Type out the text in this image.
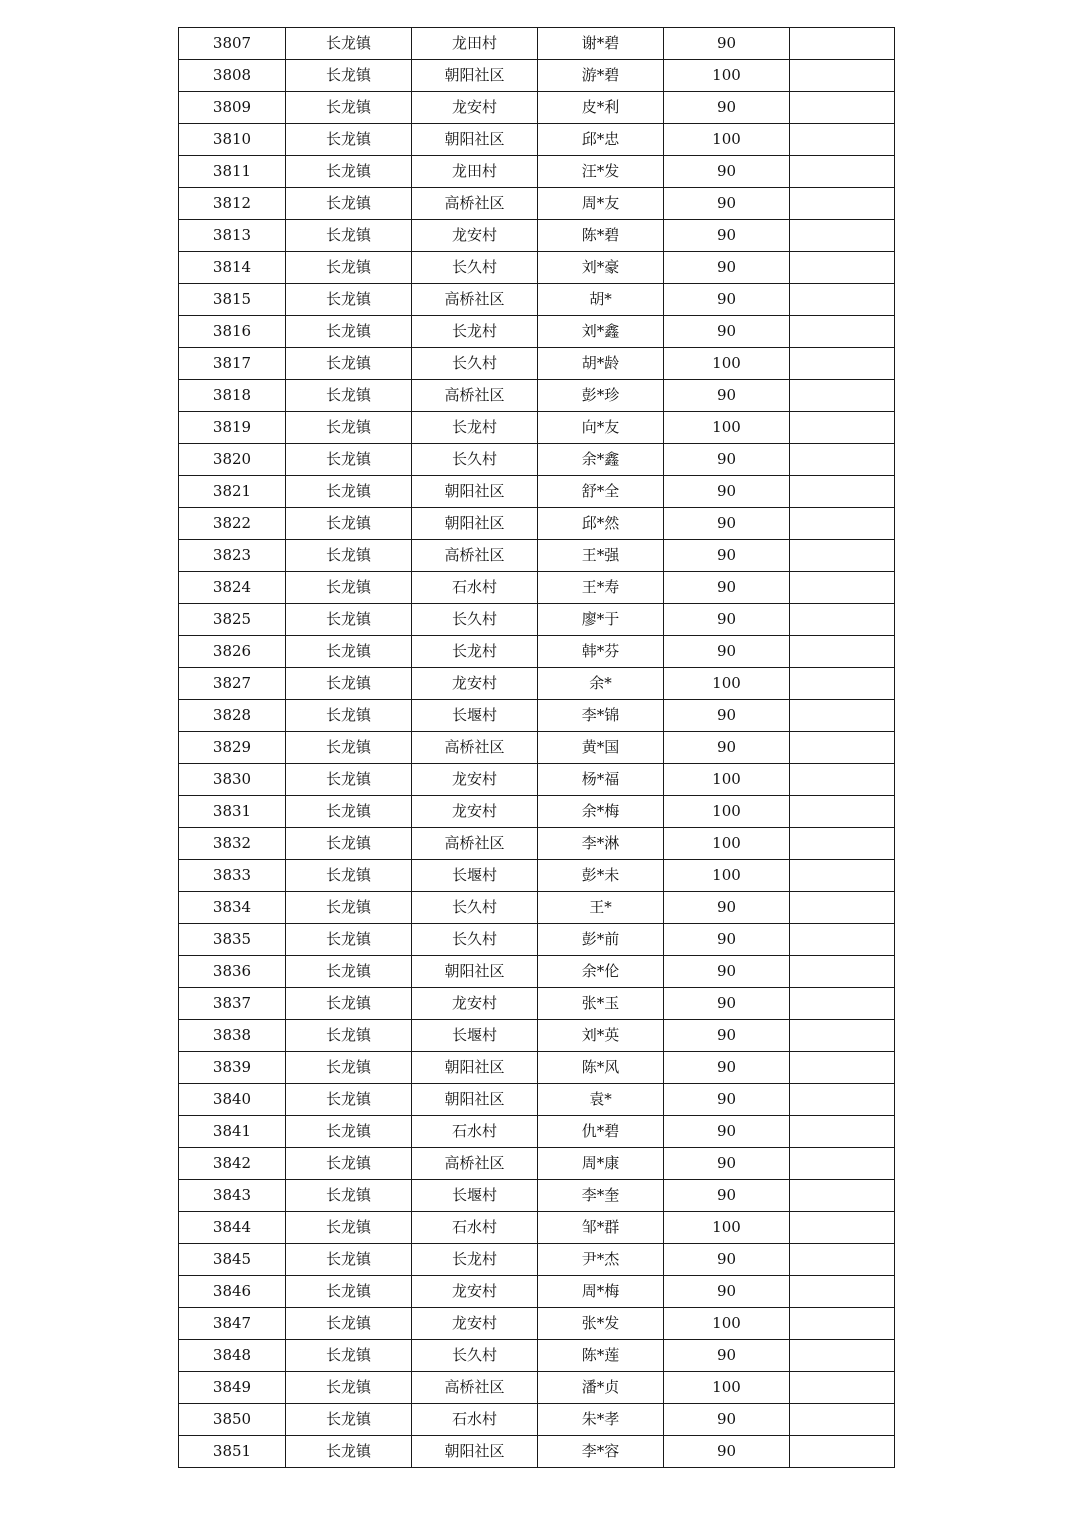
3807	长龙镇	龙田村	谢*碧	90	
3808	长龙镇	朝阳社区	游*碧	100	
3809	长龙镇	龙安村	皮*利	90	
3810	长龙镇	朝阳社区	邱*忠	100	
3811	长龙镇	龙田村	汪*发	90	
3812	长龙镇	高桥社区	周*友	90	
3813	长龙镇	龙安村	陈*碧	90	
3814	长龙镇	长久村	刘*豪	90	
3815	长龙镇	高桥社区	胡*	90	
3816	长龙镇	长龙村	刘*鑫	90	
3817	长龙镇	长久村	胡*龄	100	
3818	长龙镇	高桥社区	彭*珍	90	
3819	长龙镇	长龙村	向*友	100	
3820	长龙镇	长久村	余*鑫	90	
3821	长龙镇	朝阳社区	舒*全	90	
3822	长龙镇	朝阳社区	邱*然	90	
3823	长龙镇	高桥社区	王*强	90	
3824	长龙镇	石水村	王*寿	90	
3825	长龙镇	长久村	廖*于	90	
3826	长龙镇	长龙村	韩*芬	90	
3827	长龙镇	龙安村	余*	100	
3828	长龙镇	长堰村	李*锦	90	
3829	长龙镇	高桥社区	黄*国	90	
3830	长龙镇	龙安村	杨*福	100	
3831	长龙镇	龙安村	余*梅	100	
3832	长龙镇	高桥社区	李*淋	100	
3833	长龙镇	长堰村	彭*未	100	
3834	长龙镇	长久村	王*	90	
3835	长龙镇	长久村	彭*前	90	
3836	长龙镇	朝阳社区	余*伦	90	
3837	长龙镇	龙安村	张*玉	90	
3838	长龙镇	长堰村	刘*英	90	
3839	长龙镇	朝阳社区	陈*风	90	
3840	长龙镇	朝阳社区	袁*	90	
3841	长龙镇	石水村	仇*碧	90	
3842	长龙镇	高桥社区	周*康	90	
3843	长龙镇	长堰村	李*奎	90	
3844	长龙镇	石水村	邹*群	100	
3845	长龙镇	长龙村	尹*杰	90	
3846	长龙镇	龙安村	周*梅	90	
3847	长龙镇	龙安村	张*发	100	
3848	长龙镇	长久村	陈*莲	90	
3849	长龙镇	高桥社区	潘*贞	100	
3850	长龙镇	石水村	朱*孝	90	
3851	长龙镇	朝阳社区	李*容	90	
